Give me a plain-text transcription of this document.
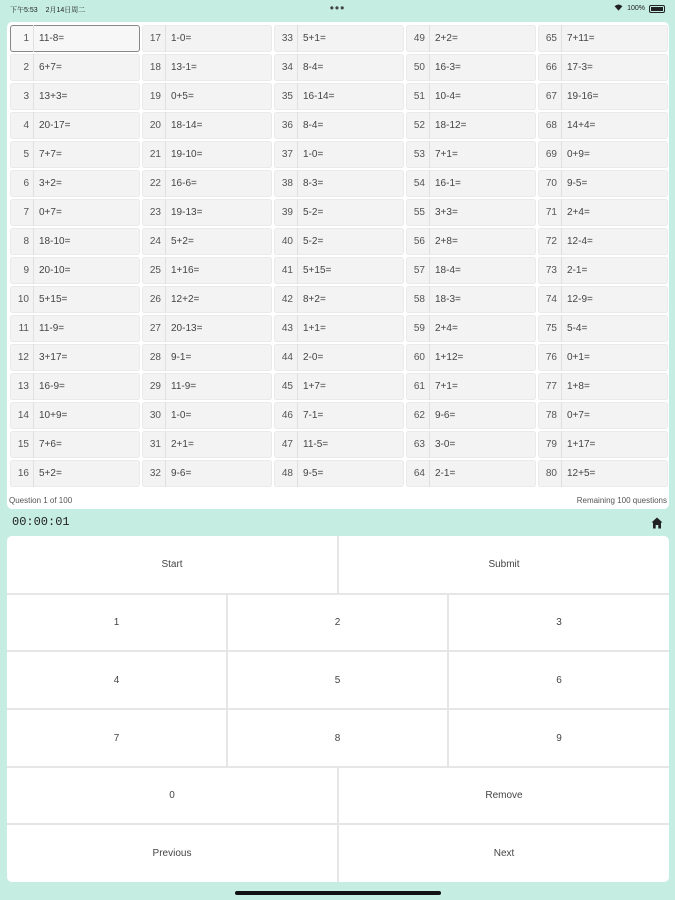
下午5:53 2月14日周二	•••	100%
1	11-8=
2	6+7=
3	13+3=
4	20-17=
5	7+7=
6	3+2=
7	0+7=
8	18-10=
9	20-10=
10	5+15=
11	11-9=
12	3+17=
13	16-9=
14	10+9=
15	7+6=
16	5+2=
17	1-0=
18	13-1=
19	0+5=
20	18-14=
21	19-10=
22	16-6=
23	19-13=
24	5+2=
25	1+16=
26	12+2=
27	20-13=
28	9-1=
29	11-9=
30	1-0=
31	2+1=
32	9-6=
33	5+1=
34	8-4=
35	16-14=
36	8-4=
37	1-0=
38	8-3=
39	5-2=
40	5-2=
41	5+15=
42	8+2=
43	1+1=
44	2-0=
45	1+7=
46	7-1=
47	11-5=
48	9-5=
49	2+2=
50	16-3=
51	10-4=
52	18-12=
53	7+1=
54	16-1=
55	3+3=
56	2+8=
57	18-4=
58	18-3=
59	2+4=
60	1+12=
61	7+1=
62	9-6=
63	3-0=
64	2-1=
65	7+11=
66	17-3=
67	19-16=
68	14+4=
69	0+9=
70	9-5=
71	2+4=
72	12-4=
73	2-1=
74	12-9=
75	5-4=
76	0+1=
77	1+8=
78	0+7=
79	1+17=
80	12+5=
Question 1 of 100	Remaining 100 questions
00:00:01
Start	Submit
1	2	3
4	5	6
7	8	9
0	Remove
Previous	Next
